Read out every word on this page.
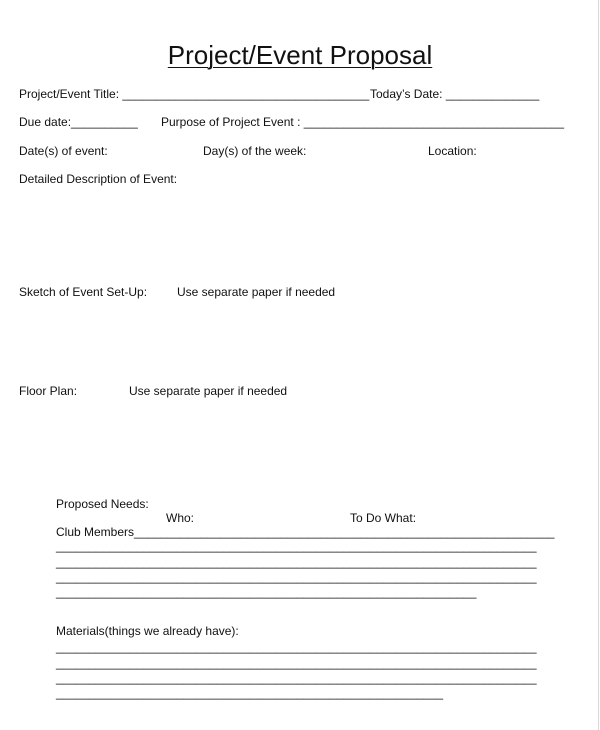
Project/Event Proposal
Project/Event Title: _____________________________________ Today’s Date: ______________
Due date:__________ Purpose of Project Event : _______________________________________
Date(s) of event:	Day(s) of the week:	Location:
Detailed Description of Event:
Sketch of Event Set-Up: Use separate paper if needed
Floor Plan:	Use separate paper if needed
Proposed Needs:
Who:	To Do What:
Club Members_______________________________________________________________
________________________________________________________________________
________________________________________________________________________
________________________________________________________________________
_______________________________________________________________
Materials(things we already have):
________________________________________________________________________
________________________________________________________________________
________________________________________________________________________
__________________________________________________________
